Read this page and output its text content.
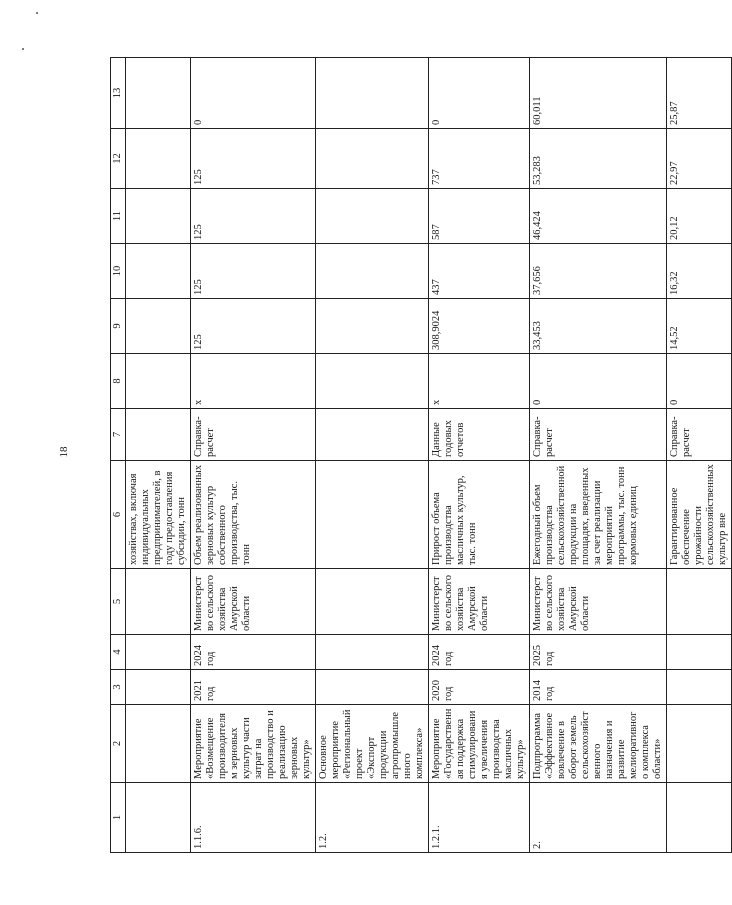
18
1	2	3	4	5	6	7	8	9	10	11	12	13
					хозяйствах, включая индивидуальных предпринимателей, в году предоставления субсидии, тонн							
1.1.6.	Мероприятие «Возмещение производителям зерновых культур части затрат на производство и реализацию зерновых культур»	2021 год	2024 год	Министерство сельского хозяйства Амурской области	Объем реализованных зерновых культур собственного производства, тыс. тонн	Справка-расчет	х	125	125	125	125	0
1.2.	Основное мероприятие «Региональный проект «Экспорт продукции агропромышленного комплекса»											
1.2.1.	Мероприятие «Государственная поддержка стимулирования увеличения производства масличных культур»	2020 год	2024 год	Министерство сельского хозяйства Амурской области	Прирост объема производства масличных культур, тыс. тонн	Данные годовых отчетов	х	308,9024	437	587	737	0
2.	Подпрограмма «Эффективное вовлечение в оборот земель сельскохозяйственного назначения и развитие мелиоративного комплекса области»	2014 год	2025 год	Министерство сельского хозяйства Амурской области	Ежегодный объем производства сельскохозяйственной продукции на площадях, введенных за счет реализации мероприятий программы, тыс. тонн кормовых единиц	Справка-расчет	0	33,453	37,656	46,424	53,283	60,011
					Гарантированное обеспечение урожайности сельскохозяйственных культур вне	Справка-расчет	0	14,52	16,32	20,12	22,97	25,87
